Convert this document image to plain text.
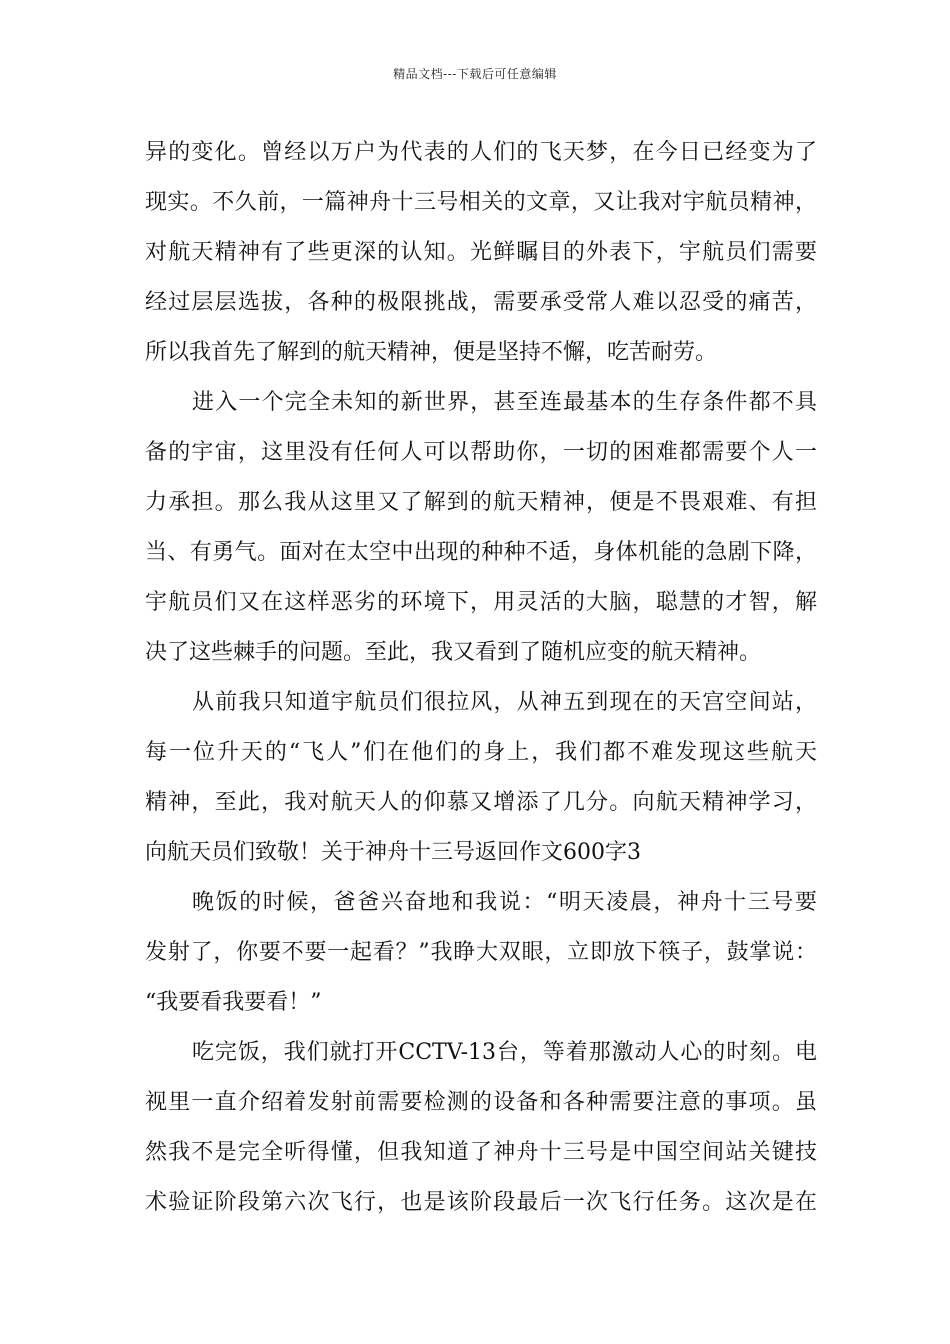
精品文档---下载后可任意编辑
异的变化。曾经以万户为代表的人们的飞天梦，在今日已经变为了
现实。不久前，一篇神舟十三号相关的文章，又让我对宇航员精神，
对航天精神有了些更深的认知。光鲜瞩目的外表下，宇航员们需要
经过层层选拔，各种的极限挑战，需要承受常人难以忍受的痛苦，
所以我首先了解到的航天精神，便是坚持不懈，吃苦耐劳。
进入一个完全未知的新世界，甚至连最基本的生存条件都不具
备的宇宙，这里没有任何人可以帮助你，一切的困难都需要个人一
力承担。那么我从这里又了解到的航天精神，便是不畏艰难、有担
当、有勇气。面对在太空中出现的种种不适，身体机能的急剧下降，
宇航员们又在这样恶劣的环境下，用灵活的大脑，聪慧的才智，解
决了这些棘手的问题。至此，我又看到了随机应变的航天精神。
从前我只知道宇航员们很拉风，从神五到现在的天宫空间站，
每一位升天的“飞人”们在他们的身上，我们都不难发现这些航天
精神，至此，我对航天人的仰慕又增添了几分。向航天精神学习，
向航天员们致敬！关于神舟十三号返回作文600字3
晚饭的时候，爸爸兴奋地和我说：“明天凌晨，神舟十三号要
发射了，你要不要一起看？”我睁大双眼，立即放下筷子，鼓掌说：
“我要看我要看！”
吃完饭，我们就打开CCTV-13台，等着那激动人心的时刻。电
视里一直介绍着发射前需要检测的设备和各种需要注意的事项。虽
然我不是完全听得懂，但我知道了神舟十三号是中国空间站关键技
术验证阶段第六次飞行，也是该阶段最后一次飞行任务。这次是在
